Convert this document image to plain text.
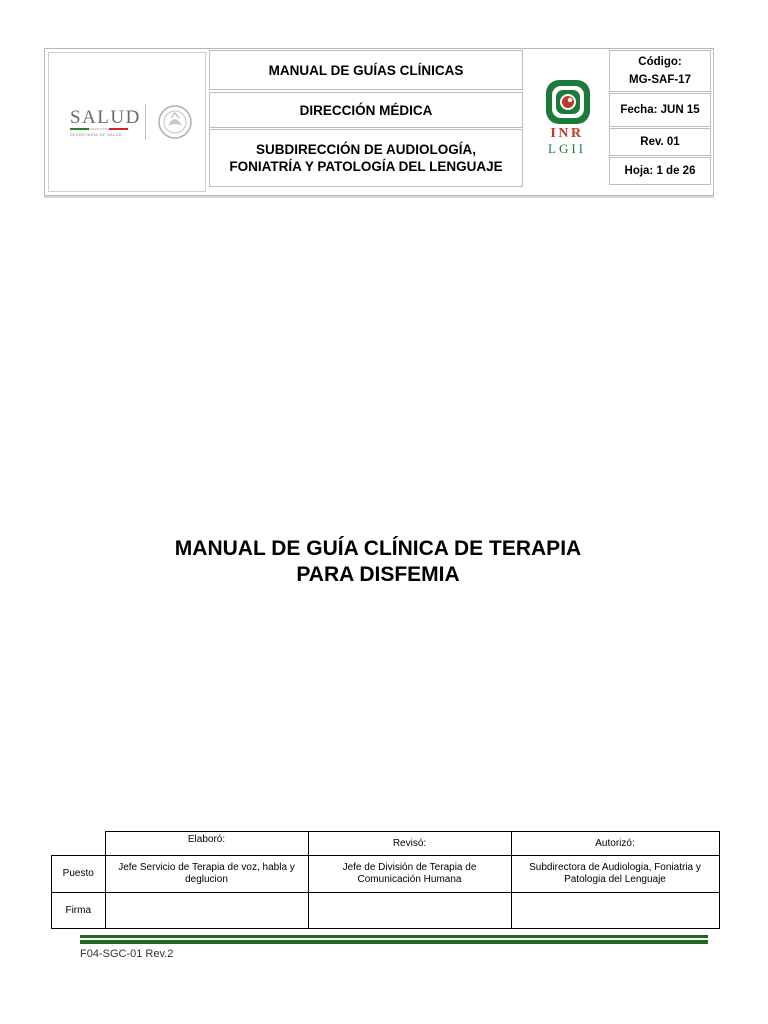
SALUD
SECRETARÍA DE SALUD
MANUAL DE GUÍAS CLÍNICAS
DIRECCIÓN MÉDICA
SUBDIRECCIÓN DE AUDIOLOGÍA,
FONIATRÍA Y PATOLOGÍA DEL LENGUAJE
INR
LGII
Código:
MG-SAF-17
Fecha: JUN 15
Rev. 01
Hoja: 1 de 26
MANUAL DE GUÍA CLÍNICA DE TERAPIA
PARA DISFEMIA
	Elaboró:	Revisó:	Autorizó:
Puesto	Jefe Servicio de Terapia de voz, habla y deglucion	Jefe de División de Terapia de Comunicación Humana	Subdirectora de Audiologia, Foniatria y Patologia del Lenguaje
Firma			
F04-SGC-01 Rev.2
